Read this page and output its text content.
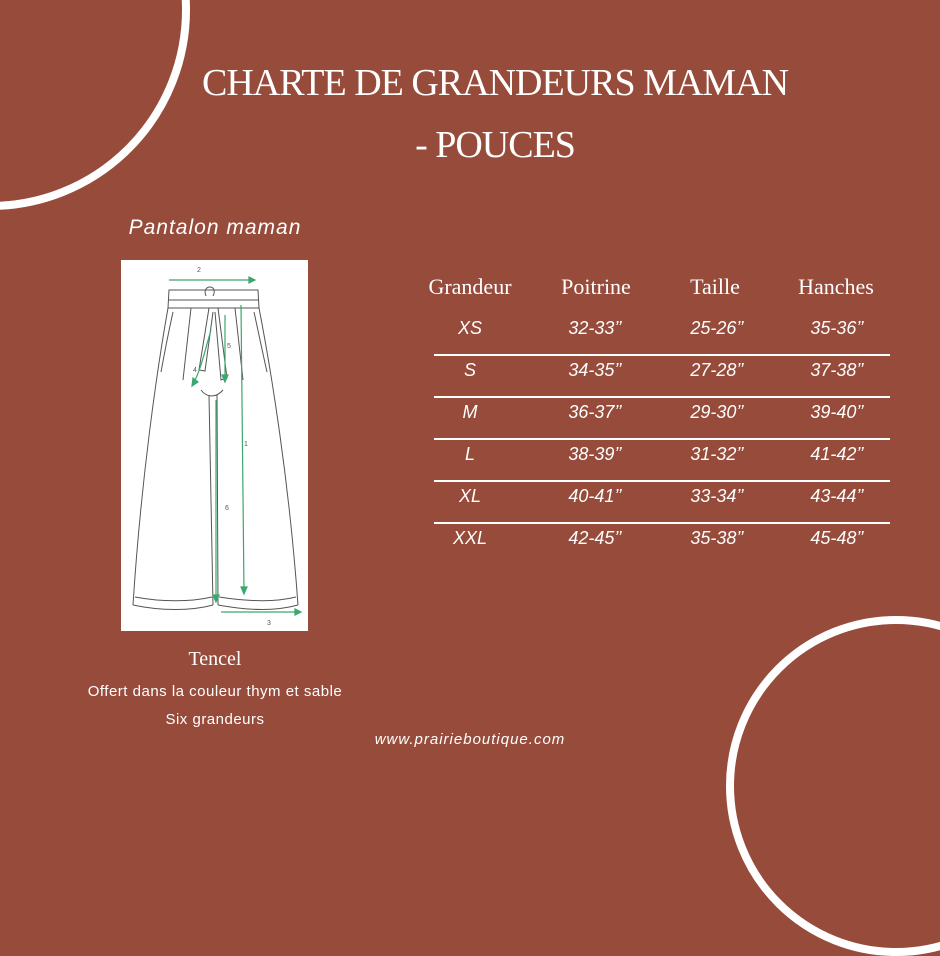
CHARTE DE GRANDEURS MAMAN
- POUCES
Pantalon maman
2
3
1
5
6
4
Tencel
Offert dans la couleur thym et sable
Six grandeurs
www.prairieboutique.com
Grandeur	Poitrine	Taille	Hanches
XS	32-33’’	25-26’’	35-36’’
S	34-35’’	27-28’’	37-38’’
M	36-37’’	29-30’’	39-40’’
L	38-39’’	31-32’’	41-42’’
XL	40-41’’	33-34’’	43-44’’
XXL	42-45’’	35-38’’	45-48’’
